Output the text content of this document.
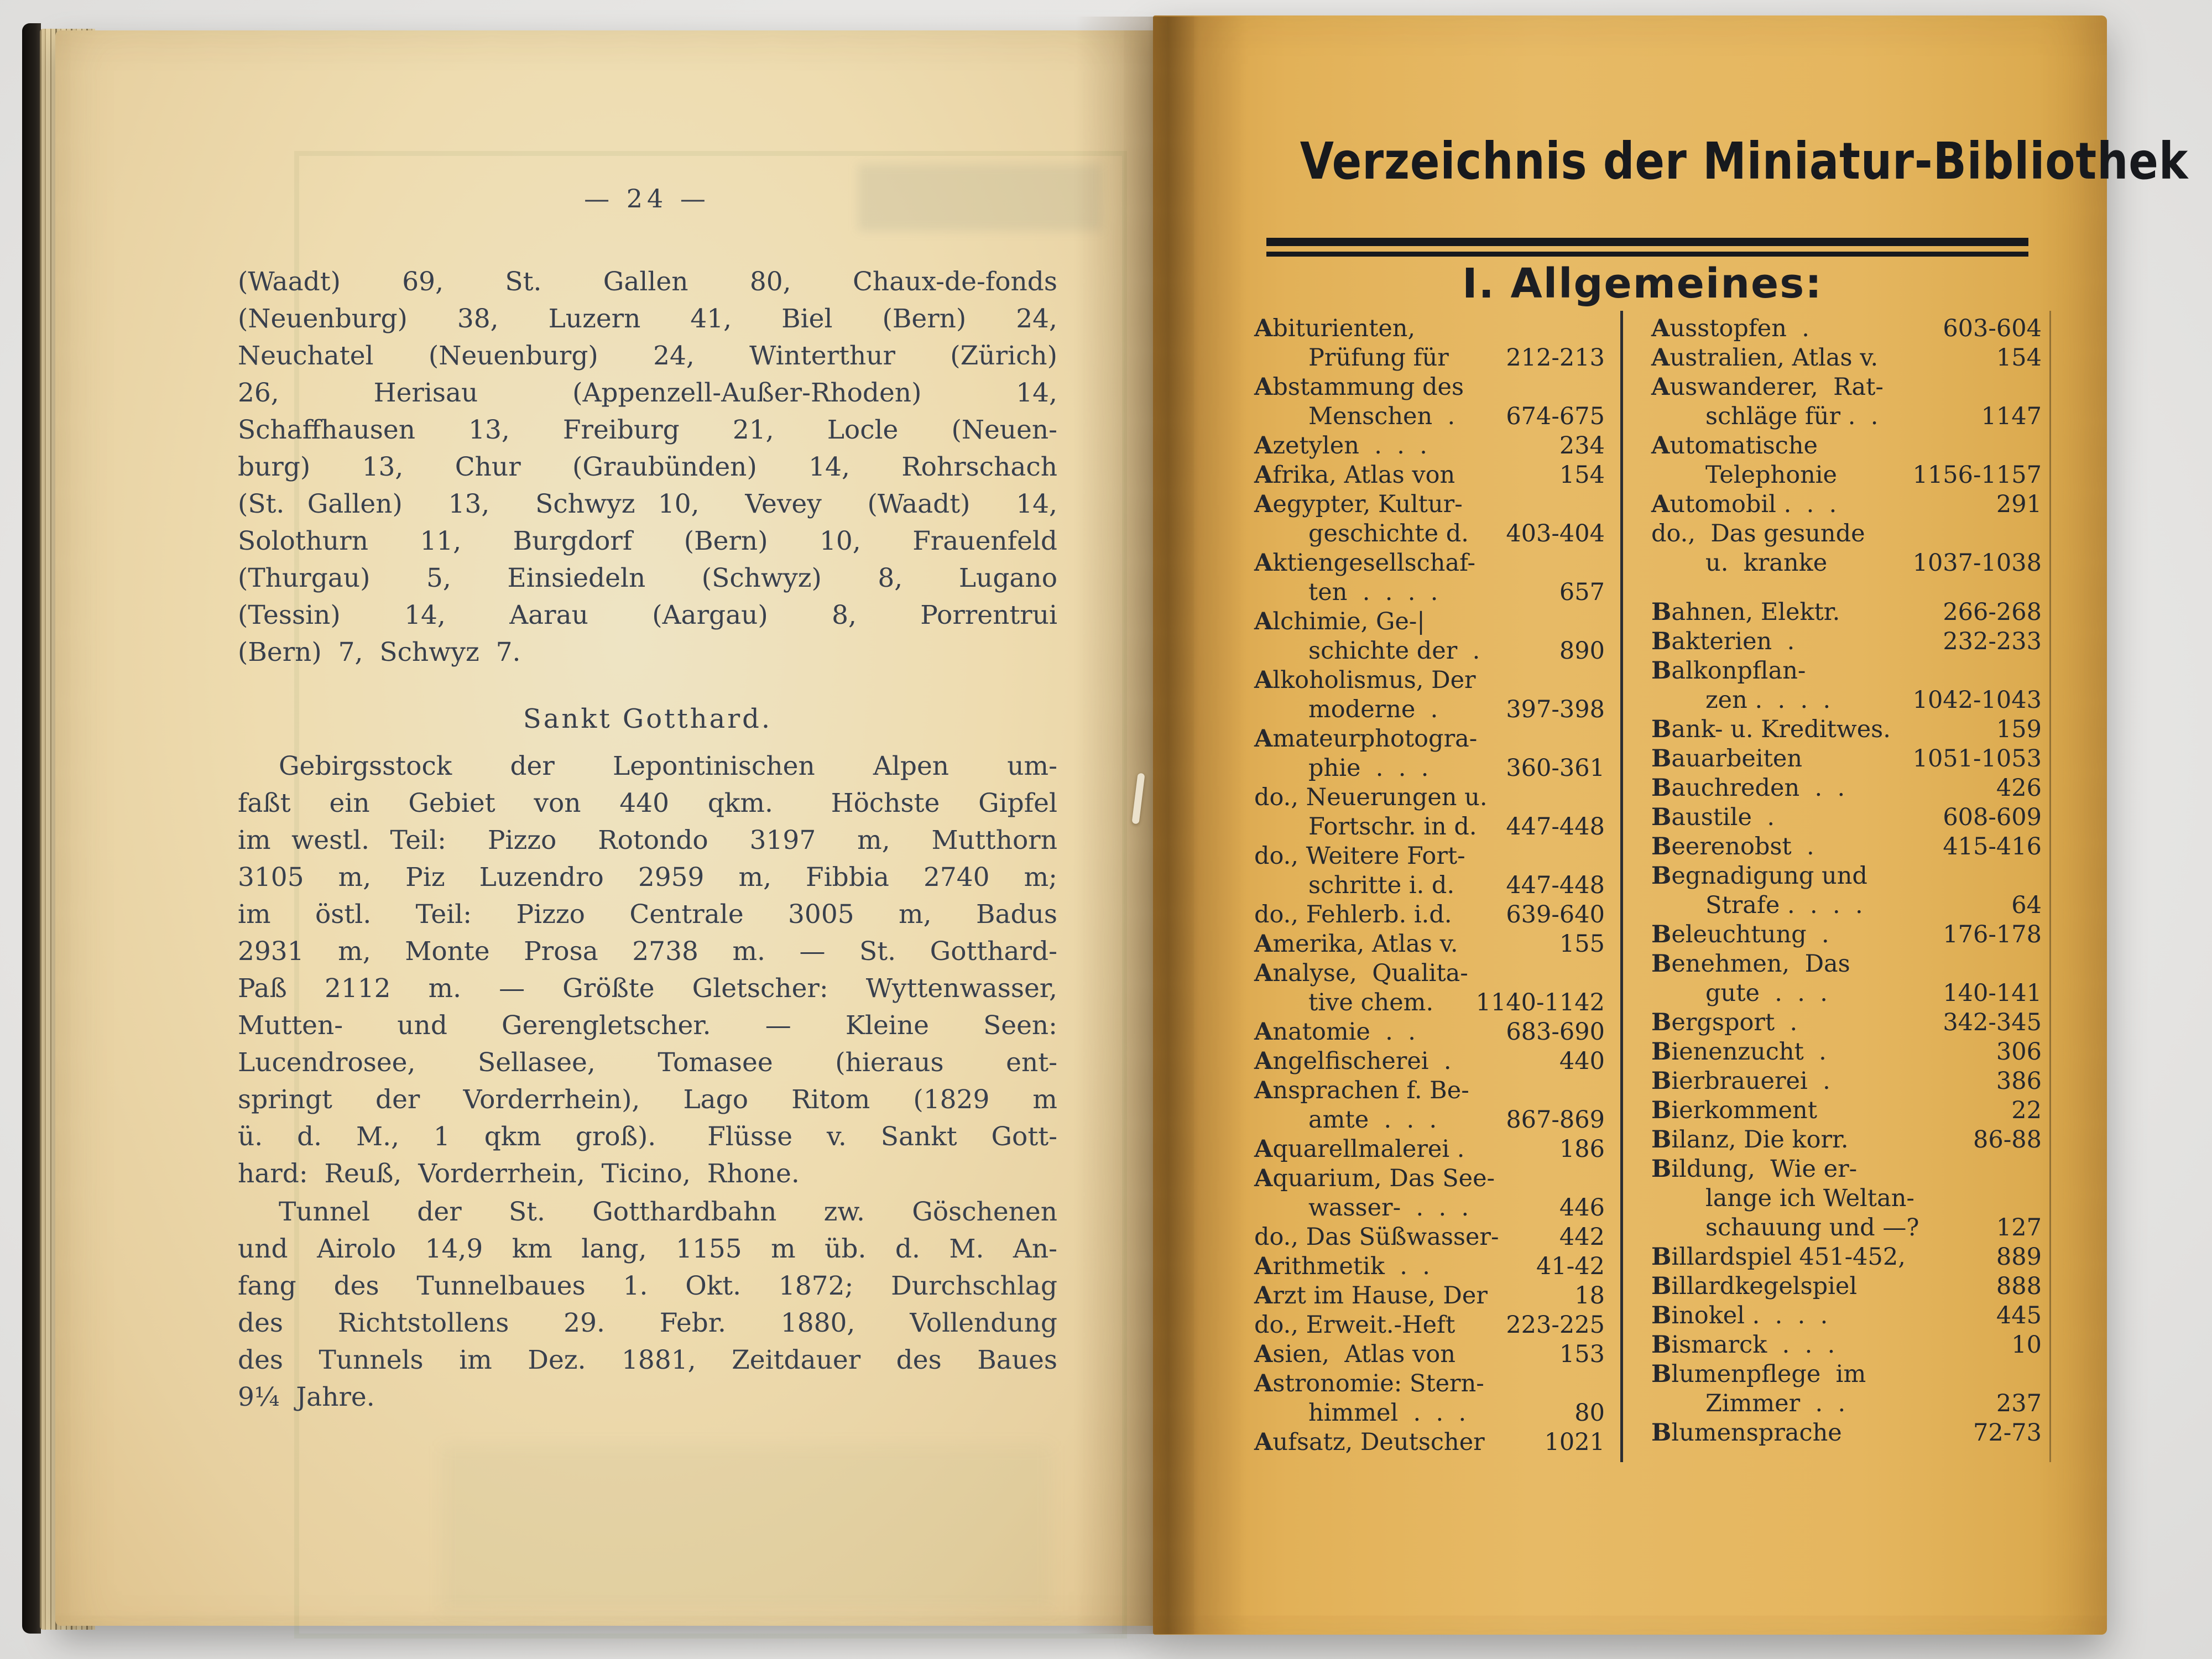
— 24 —
(Waadt)  69,  St.  Gallen  80,  Chaux-de-fonds
(Neuenburg)  38,  Luzern  41,  Biel  (Bern)  24,
Neuchatel (Neuenburg) 24, Winterthur (Zürich)
26,  Herisau  (Appenzell-Außer-Rhoden)  14,
Schaffhausen  13,  Freiburg  21,  Locle  (Neuen-
burg)  13,  Chur  (Graubünden)  14,  Rohrschach
(St. Gallen)  13,  Schwyz 10,  Vevey  (Waadt)  14,
Solothurn  11,  Burgdorf  (Bern)  10,  Frauenfeld
(Thurgau)  5,  Einsiedeln  (Schwyz)  8,  Lugano
(Tessin)  14,  Aarau  (Aargau)  8,  Porrentrui
(Bern)  7,  Schwyz  7.
Sankt Gotthard.
Gebirgsstock  der  Lepontinischen  Alpen  um-
faßt  ein  Gebiet  von  440  qkm.   Höchste  Gipfel
im westl. Teil:  Pizzo  Rotondo  3197  m,  Mutthorn
3105  m,  Piz  Luzendro  2959  m,  Fibbia  2740  m;
im  östl.  Teil:  Pizzo  Centrale  3005  m,  Badus
2931  m,  Monte  Prosa  2738  m.  —  St.  Gotthard-
Paß 2112 m. — Größte Gletscher: Wyttenwasser,
Mutten-  und  Gerengletscher.  —  Kleine  Seen:
Lucendrosee,  Sellasee,  Tomasee  (hieraus  ent-
springt  der  Vorderrhein),  Lago  Ritom  (1829  m
ü.  d.  M.,  1  qkm  groß).   Flüsse  v.  Sankt  Gott-
hard:  Reuß,  Vorderrhein,  Ticino,  Rhone.
Tunnel  der  St.  Gotthardbahn  zw.  Göschenen
und  Airolo  14,9  km  lang,  1155  m  üb.  d.  M.  An-
fang  des  Tunnelbaues  1.  Okt.  1872;  Durchschlag
des  Richtstollens  29.  Febr.  1880,  Vollendung
des  Tunnels  im  Dez.  1881,  Zeitdauer  des  Baues
9¼  Jahre.
Verzeichnis der Miniatur-Bibliothek
I. Allgemeines:
Abiturienten,
Prüfung für 212-213
Abstammung des
Menschen  . 674-675
Azetylen  .  .  .	234
Afrika, Atlas von	154
Aegypter, Kultur-
geschichte d. 403-404
Aktiengesellschaf-
ten  .  .  .  .	657
Alchimie, Ge-|
schichte der  .	890
Alkoholismus, Der
moderne  .	397-398
Amateurphotogra-
phie  .  .  .	360-361
do., Neuerungen u.
Fortschr. in d. 447-448
do., Weitere Fort-
schritte i. d. 447-448
do., Fehlerb. i.d. 639-640
Amerika, Atlas v.	155
Analyse,  Qualita-
tive chem. 1140-1142
Anatomie  .  .	683-690
Angelfischerei  .	440
Ansprachen f. Be-
amte  .  .  .	867-869
Aquarellmalerei .	186
Aquarium, Das See-
wasser-  .  .  .	446
do., Das Süßwasser-	442
Arithmetik  .  .	41-42
Arzt im Hause, Der	18
do., Erweit.-Heft 223-225
Asien,  Atlas von	153
Astronomie: Stern-
himmel  .  .  .	80
Aufsatz, Deutscher	1021
Ausstopfen  .	603-604
Australien, Atlas v.	154
Auswanderer,  Rat-
schläge für .  .	1147
Automatische
Telephonie	1156-1157
Automobil .  .  .	291
do.,  Das gesunde
u.  kranke	1037-1038
Bahnen, Elektr.	266-268
Bakterien  .	232-233
Balkonpflan-
zen .  .  .  .	1042-1043
Bank- u. Kreditwes.	159
Bauarbeiten	1051-1053
Bauchreden  .  .	426
Baustile  .	608-609
Beerenobst  .	415-416
Begnadigung und
Strafe .  .  .  .	64
Beleuchtung  .	176-178
Benehmen,  Das
gute  .  .  .	140-141
Bergsport  .	342-345
Bienenzucht  .	306
Bierbrauerei  .	386
Bierkomment	22
Bilanz, Die korr.	86-88
Bildung,  Wie er-
lange ich Weltan-
schauung und —?	127
Billardspiel 451-452,	889
Billardkegelspiel	888
Binokel .  .  .  .	445
Bismarck  .  .  .	10
Blumenpflege  im
Zimmer  .  .	237
Blumensprache	72-73
